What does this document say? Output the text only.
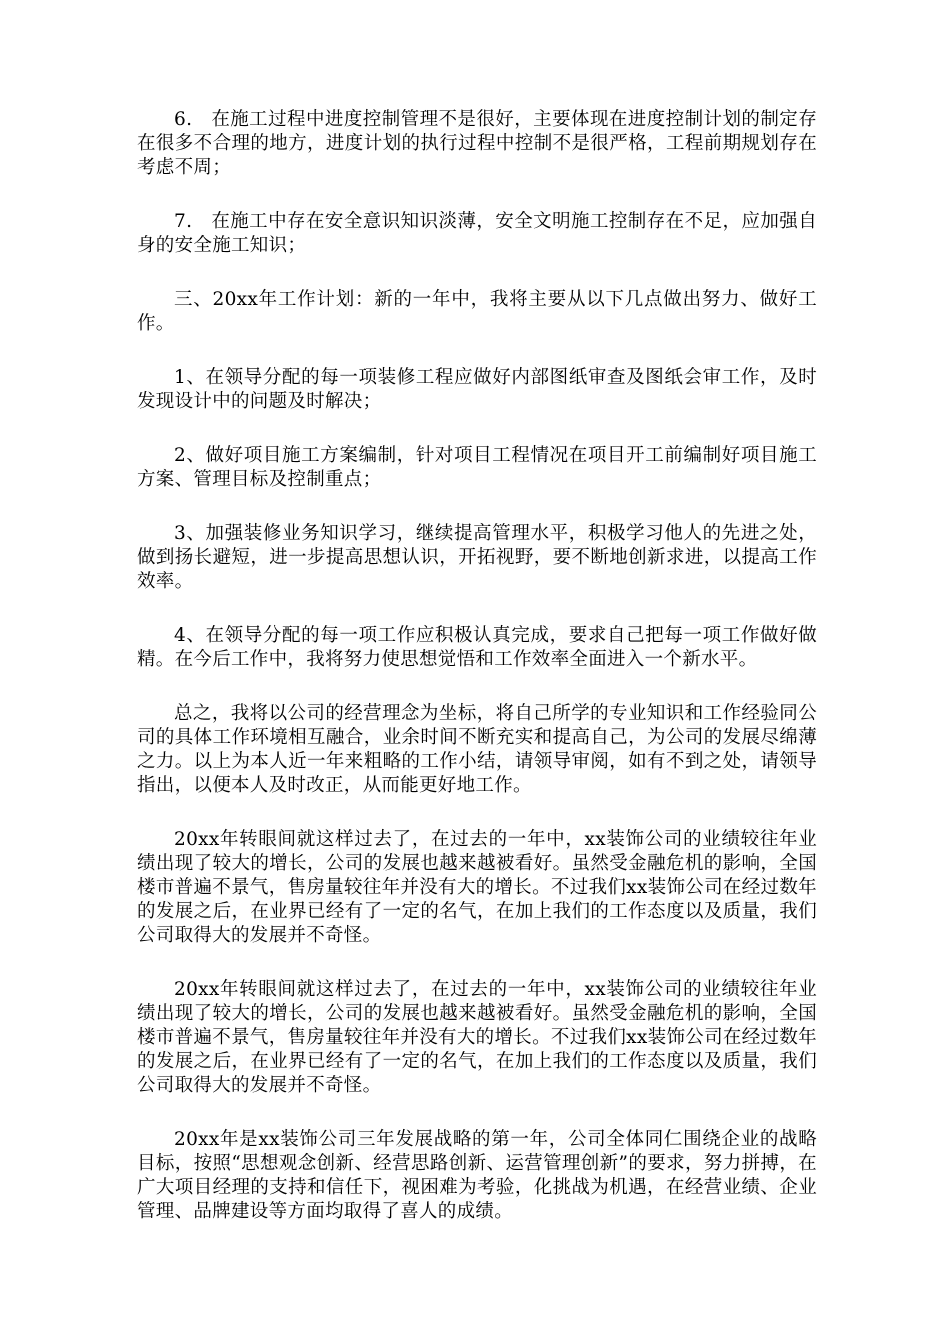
6.　在施工过程中进度控制管理不是很好，主要体现在进度控制计划的制定存在很多不合理的地方，进度计划的执行过程中控制不是很严格，工程前期规划存在考虑不周；

7.　在施工中存在安全意识知识淡薄，安全文明施工控制存在不足，应加强自身的安全施工知识；

三、20xx年工作计划：新的一年中，我将主要从以下几点做出努力、做好工作。

1、在领导分配的每一项装修工程应做好内部图纸审查及图纸会审工作，及时发现设计中的问题及时解决；

2、做好项目施工方案编制，针对项目工程情况在项目开工前编制好项目施工方案、管理目标及控制重点；

3、加强装修业务知识学习，继续提高管理水平，积极学习他人的先进之处，做到扬长避短，进一步提高思想认识，开拓视野，要不断地创新求进，以提高工作效率。

4、在领导分配的每一项工作应积极认真完成，要求自己把每一项工作做好做精。在今后工作中，我将努力使思想觉悟和工作效率全面进入一个新水平。

总之，我将以公司的经营理念为坐标，将自己所学的专业知识和工作经验同公司的具体工作环境相互融合，业余时间不断充实和提高自己，为公司的发展尽绵薄之力。以上为本人近一年来粗略的工作小结，请领导审阅，如有不到之处，请领导指出，以便本人及时改正，从而能更好地工作。

20xx年转眼间就这样过去了，在过去的一年中，xx装饰公司的业绩较往年业绩出现了较大的增长，公司的发展也越来越被看好。虽然受金融危机的影响，全国楼市普遍不景气，售房量较往年并没有大的增长。不过我们xx装饰公司在经过数年的发展之后，在业界已经有了一定的名气，在加上我们的工作态度以及质量，我们公司取得大的发展并不奇怪。

20xx年转眼间就这样过去了，在过去的一年中，xx装饰公司的业绩较往年业绩出现了较大的增长，公司的发展也越来越被看好。虽然受金融危机的影响，全国楼市普遍不景气，售房量较往年并没有大的增长。不过我们xx装饰公司在经过数年的发展之后，在业界已经有了一定的名气，在加上我们的工作态度以及质量，我们公司取得大的发展并不奇怪。

20xx年是xx装饰公司三年发展战略的第一年，公司全体同仁围绕企业的战略目标，按照“思想观念创新、经营思路创新、运营管理创新”的要求，努力拼搏，在广大项目经理的支持和信任下，视困难为考验，化挑战为机遇，在经营业绩、企业管理、品牌建设等方面均取得了喜人的成绩。
